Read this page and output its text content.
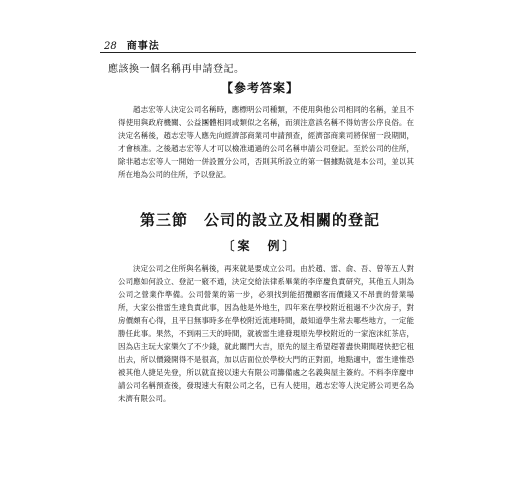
28 商事法
應該換一個名稱再申請登記。
【參考答案】

趙志宏等人決定公司名稱時，應標明公司種類，不使用與他公司相同的名稱，並且不得使用與政府機關、公益團體相同或類似之名稱，而須注意該名稱不得妨害公序良俗。在決定名稱後，趙志宏等人應先向經濟部商業司申請預查，經濟部商業司將保留一段期間，才會核准。之後趙志宏等人才可以檢准通過的公司名稱申請公司登記。至於公司的住所，除非趙志宏等人一開始一併設置分公司，否則其所設立的第一個據點就是本公司，並以其所在地為公司的住所，予以登記。

第三節　公司的設立及相關的登記
〔案　例〕

決定公司之住所與名稱後，再來就是要成立公司。由於趙、雷、俞、吾、曾等五人對公司應如何設立、登記一竅不通，決定交給法律系畢業的李庠慶負責研究，其他五人則為公司之營業作準備。公司營業的第一步，必須找到能招攬顧客而價錢又不昂貴的營業場所，大家公推雷生達負責此事，因為他是外地生，四年來在學校附近租過不少次房子，對房價頗有心得，且平日無事時多在學校附近流連時間，最知道學生常去哪些地方，一定能勝任此事。果然，不到兩三天的時間，就被雷生達發現原先學校附近的一家泡沫紅茶店，因為店主玩大家樂欠了不少錢，就此關門大吉，原先的屋主希望趕著盡快期間趕快把它租出去，所以價錢開得不是很高，加以店面位於學校大門的正對面，地點適中，雷生達惟恐被其他人捷足先登，所以就直接以速大有限公司籌備處之名義與屋主簽約。不料李庠慶申請公司名稱預查後，發現速大有限公司之名，已有人使用，趙志宏等人決定將公司更名為未濟有限公司。
